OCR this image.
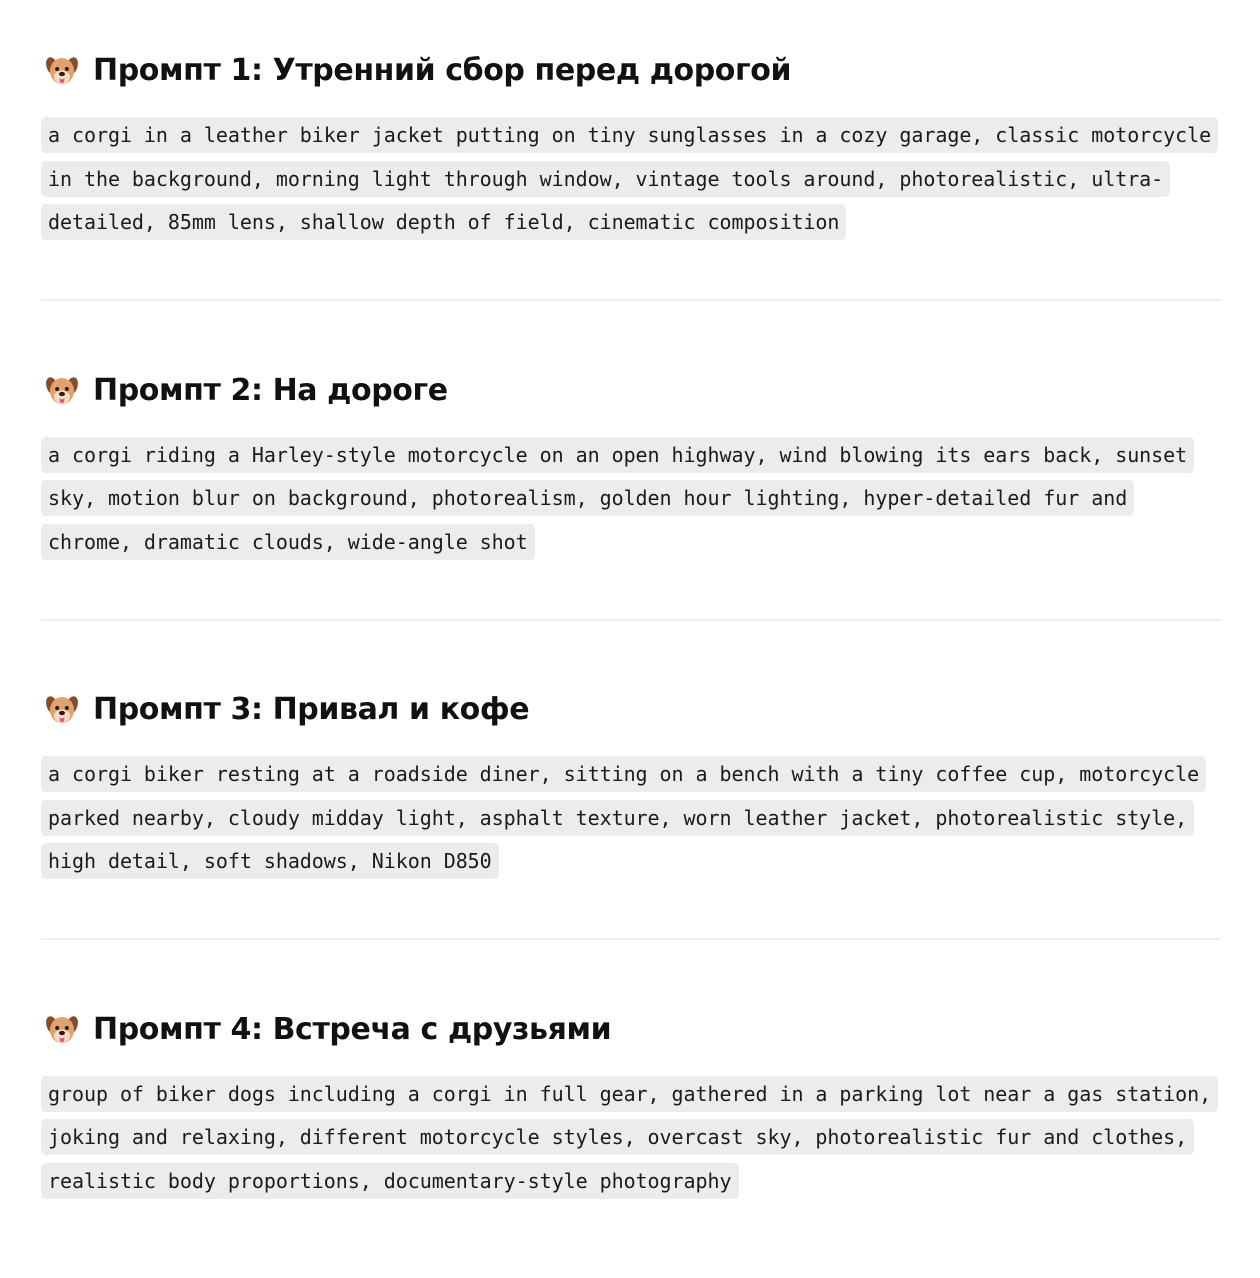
Промпт 1: Утренний сбор перед дорогой

a corgi in a leather biker jacket putting on tiny sunglasses in a cozy garage, classic motorcycle in the background, morning light through window, vintage tools around, photorealistic, ultra-detailed, 85mm lens, shallow depth of field, cinematic composition

Промпт 2: На дороге

a corgi riding a Harley-style motorcycle on an open highway, wind blowing its ears back, sunset sky, motion blur on background, photorealism, golden hour lighting, hyper-detailed fur and chrome, dramatic clouds, wide-angle shot

Промпт 3: Привал и кофе

a corgi biker resting at a roadside diner, sitting on a bench with a tiny coffee cup, motorcycle parked nearby, cloudy midday light, asphalt texture, worn leather jacket, photorealistic style, high detail, soft shadows, Nikon D850

Промпт 4: Встреча с друзьями

group of biker dogs including a corgi in full gear, gathered in a parking lot near a gas station, joking and relaxing, different motorcycle styles, overcast sky, photorealistic fur and clothes, realistic body proportions, documentary-style photography
